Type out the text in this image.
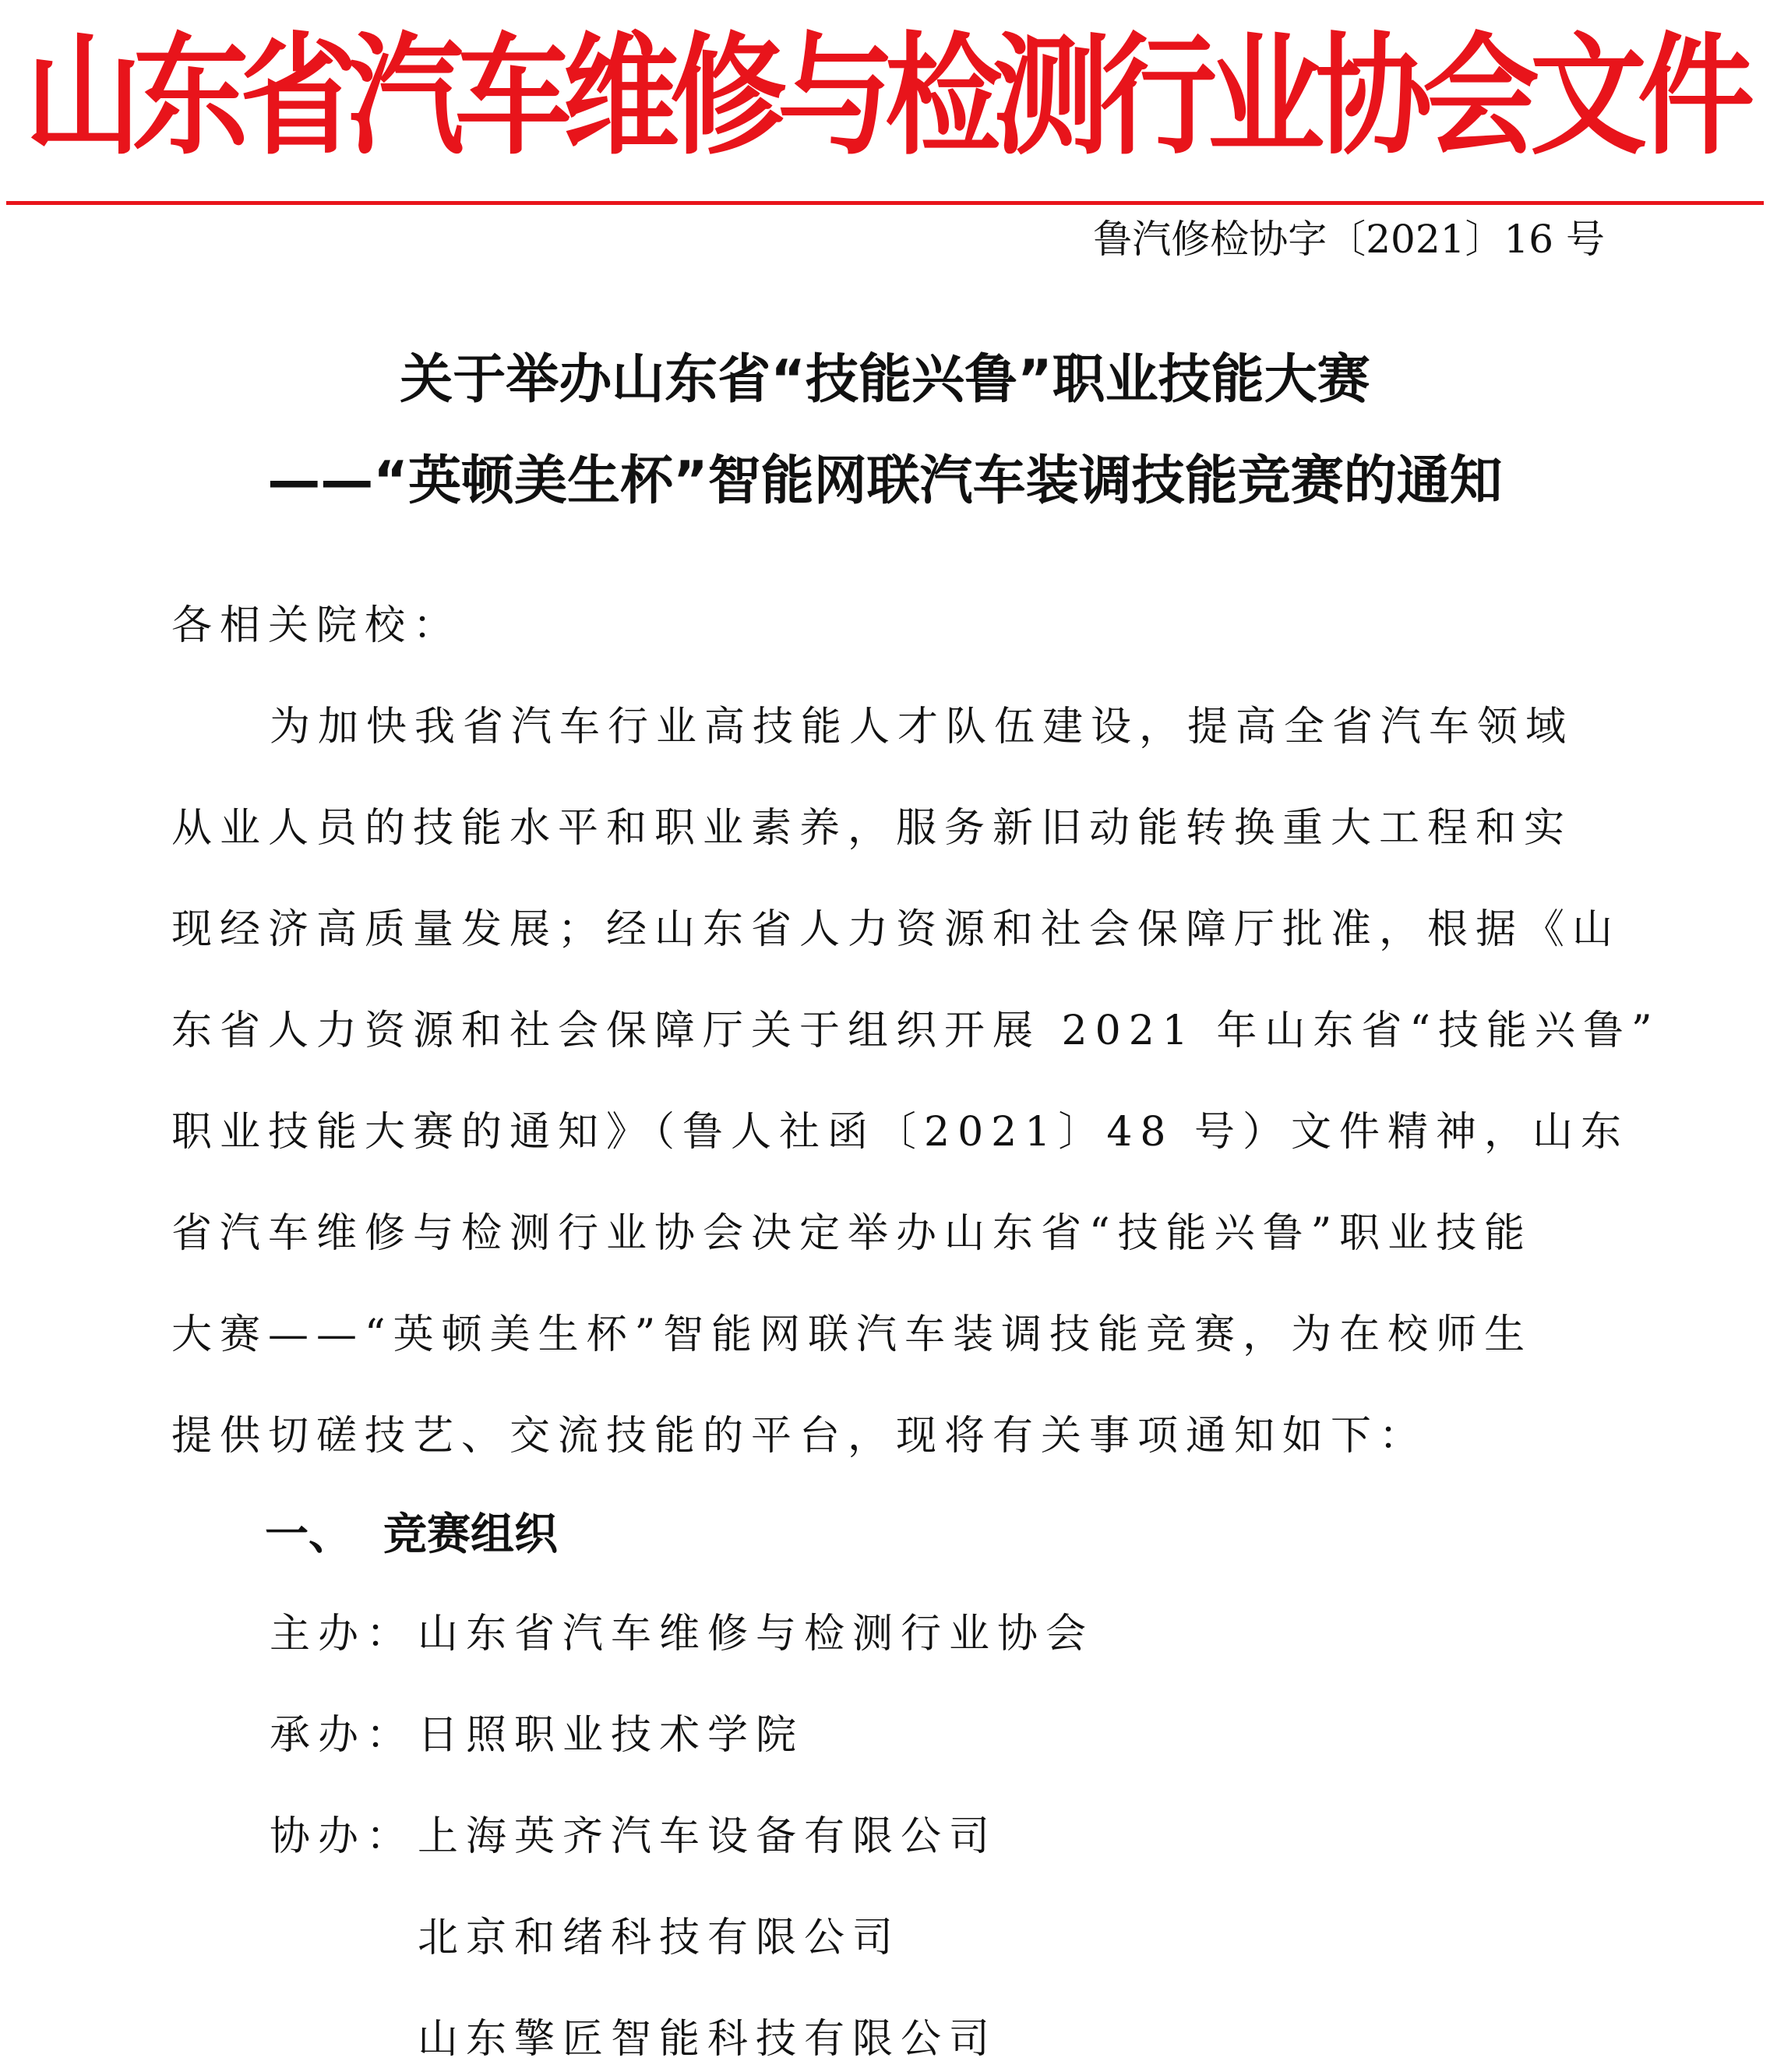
山东省汽车维修与检测行业协会文件
鲁汽修检协字〔2021〕16 号
关于举办山东省“技能兴鲁”职业技能大赛
——“英顿美生杯”智能网联汽车装调技能竞赛的通知
各相关院校：
为加快我省汽车行业高技能人才队伍建设，提高全省汽车领域
从业人员的技能水平和职业素养，服务新旧动能转换重大工程和实
现经济高质量发展；经山东省人力资源和社会保障厅批准，根据《山
东省人力资源和社会保障厅关于组织开展 2021 年山东省“技能兴鲁”
职业技能大赛的通知》（鲁人社函〔2021〕48 号）文件精神，山东
省汽车维修与检测行业协会决定举办山东省“技能兴鲁”职业技能
大赛——“英顿美生杯”智能网联汽车装调技能竞赛，为在校师生
提供切磋技艺、交流技能的平台，现将有关事项通知如下：
一、 竞赛组织
主办：山东省汽车维修与检测行业协会
承办：日照职业技术学院
协办：上海英齐汽车设备有限公司
北京和绪科技有限公司
山东擎匠智能科技有限公司
